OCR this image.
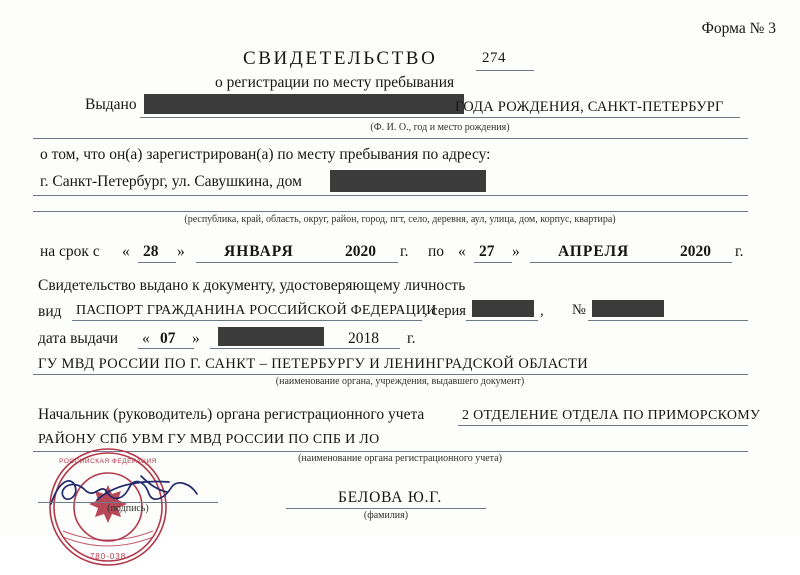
Форма № 3
СВИДЕТЕЛЬСТВО	274
о регистрации по месту пребывания
Выдано	ГОДА РОЖДЕНИЯ, САНКТ-ПЕТЕРБУРГ
(Ф. И. О., год и место рождения)
о том, что он(а) зарегистрирован(а) по месту пребывания по адресу:
г. Санкт-Петербург, ул. Савушкина, дом
(республика, край, область, округ, район, город, пгт, село, деревня, аул, улица, дом, корпус, квартира)
на срок с « 28 »	ЯНВАРЯ	2020 г. по « 27 » АПРЕЛЯ	2020 г.
Свидетельство выдано к документу, удостоверяющему личность
вид ПАСПОРТ ГРАЖДАНИНА РОССИЙСКОЙ ФЕДЕРАЦИИ
, серия	, №
дата выдачи « 07 »	2018 г.
ГУ МВД РОССИИ ПО Г. САНКТ – ПЕТЕРБУРГУ И ЛЕНИНГРАДСКОЙ ОБЛАСТИ
(наименование органа, учреждения, выдавшего документ)
Начальник (руководитель) органа регистрационного учета	2 ОТДЕЛЕНИЕ ОТДЕЛА ПО ПРИМОРСКОМУ
РАЙОНУ СПб УВМ ГУ МВД РОССИИ ПО СПБ И ЛО
(наименование органа регистрационного учета)
РОССИЙСКАЯ ФЕДЕРАЦИЯ
780-038
(подпись)
БЕЛОВА Ю.Г.
(фамилия)
